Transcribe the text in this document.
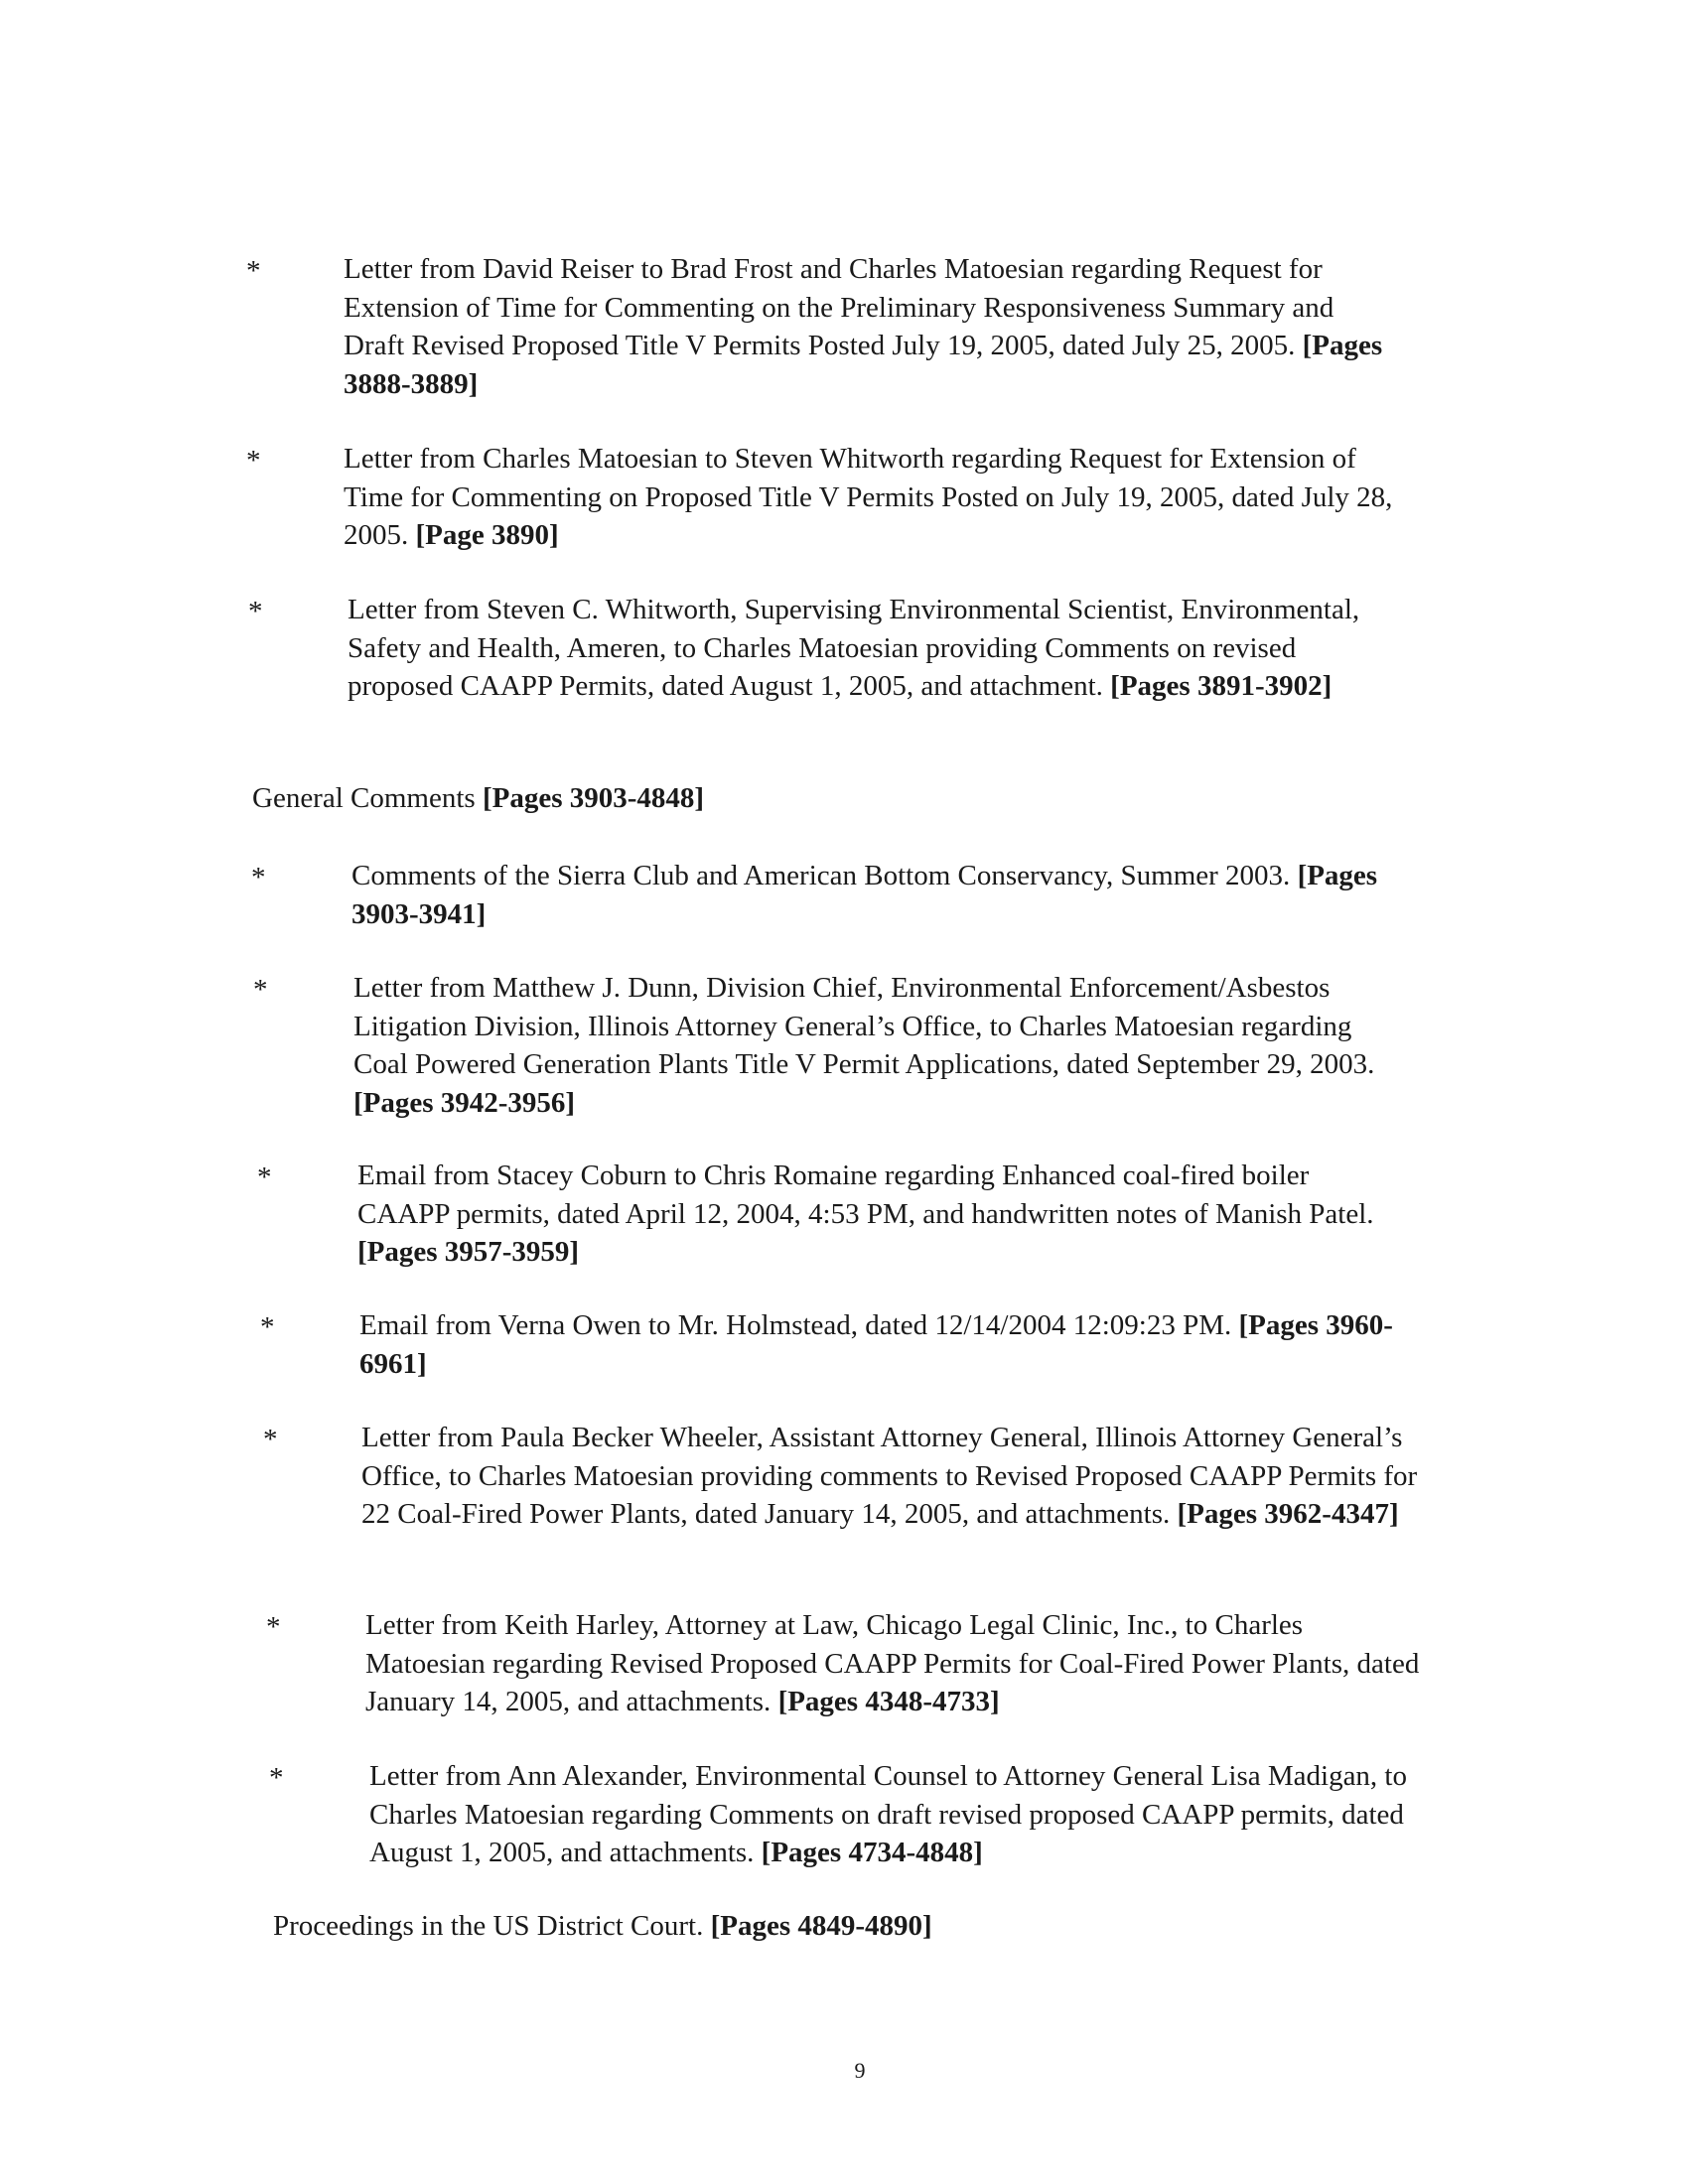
*	Letter from David Reiser to Brad Frost and Charles Matoesian regarding Request for Extension of Time for Commenting on the Preliminary Responsiveness Summary and Draft Revised Proposed Title V Permits Posted July 19, 2005, dated July 25, 2005. [Pages 3888-3889]
*	Letter from Charles Matoesian to Steven Whitworth regarding Request for Extension of Time for Commenting on Proposed Title V Permits Posted on July 19, 2005, dated July 28, 2005. [Page 3890]
*	Letter from Steven C. Whitworth, Supervising Environmental Scientist, Environmental, Safety and Health, Ameren, to Charles Matoesian providing Comments on revised proposed CAAPP Permits, dated August 1, 2005, and attachment. [Pages 3891-3902]
General Comments [Pages 3903-4848]
*	Comments of the Sierra Club and American Bottom Conservancy, Summer 2003. [Pages 3903-3941]
*	Letter from Matthew J. Dunn, Division Chief, Environmental Enforcement/Asbestos Litigation Division, Illinois Attorney General’s Office, to Charles Matoesian regarding Coal Powered Generation Plants Title V Permit Applications, dated September 29, 2003. [Pages 3942-3956]
*	Email from Stacey Coburn to Chris Romaine regarding Enhanced coal-fired boiler CAAPP permits, dated April 12, 2004, 4:53 PM, and handwritten notes of Manish Patel. [Pages 3957-3959]
*	Email from Verna Owen to Mr. Holmstead, dated 12/14/2004 12:09:23 PM. [Pages 3960-6961]
*	Letter from Paula Becker Wheeler, Assistant Attorney General, Illinois Attorney General’s Office, to Charles Matoesian providing comments to Revised Proposed CAAPP Permits for 22 Coal-Fired Power Plants, dated January 14, 2005, and attachments. [Pages 3962-4347]
*	Letter from Keith Harley, Attorney at Law, Chicago Legal Clinic, Inc., to Charles Matoesian regarding Revised Proposed CAAPP Permits for Coal-Fired Power Plants, dated January 14, 2005, and attachments. [Pages 4348-4733]
*	Letter from Ann Alexander, Environmental Counsel to Attorney General Lisa Madigan, to Charles Matoesian regarding Comments on draft revised proposed CAAPP permits, dated August 1, 2005, and attachments. [Pages 4734-4848]
Proceedings in the US District Court. [Pages 4849-4890]
9
